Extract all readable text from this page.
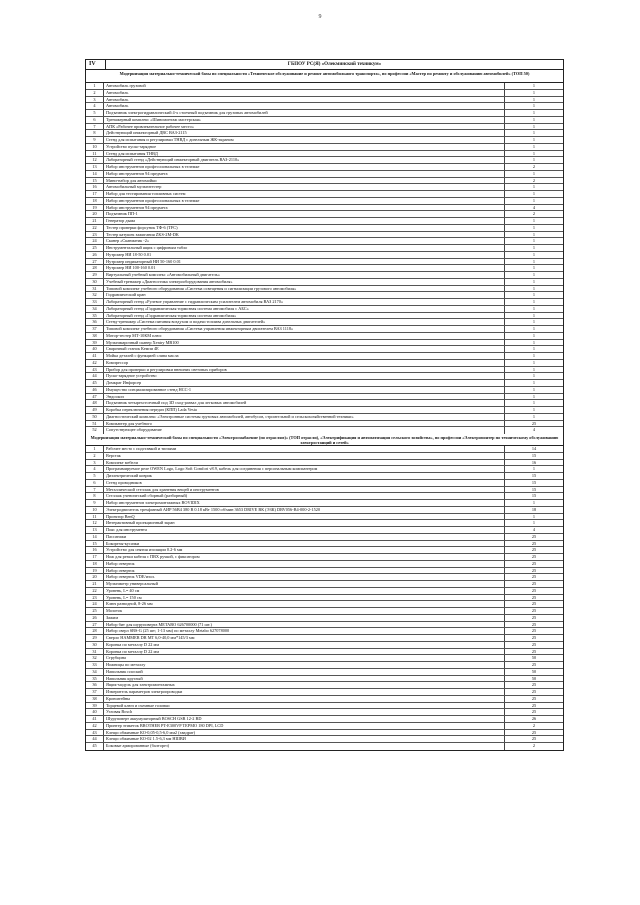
9
IV	ГБПОУ РС(Я) «Олекминский техникум»
Модернизация материально-технической базы по специальности «Техническое обслуживание и ремонт автомобильного транспорта», по профессии «Мастер по ремонту и обслуживанию автомобилей» (ТОП 50)
1	Автомобиль грузовой	1
2	Автомобиль	1
3	Автомобиль	1
4	Автомобиль	1
5	Подъемник электрогидравлический 4-х стоечный подъемник для грузовых автомобилей	1
6	Тренажерный комплекс «Шиномонтаж мастерская»	1
7	АПК «Рабочее привлекательное рабочее место»	1
8	Действующий инжекторный ДВС ВАЗ-2115	1
9	Стенд для испытания и регулировки ТНВД с дизельным ЖК-экраном	1
10	Устройство пуско-зарядное	1
11	Стенд для испытания ТНВД	1
12	Лабораторный стенд «Действующий инжекторный двигатель ВАЗ-2110»	1
13	Набор инструментов профессиональных в тележке	2
14	Набор инструментов 94 предмета	1
15	Мини-набор для автомойки	2
16	Автомобильный мультитестер	1
17	Набор для тестирования топливных систем	1
18	Набор инструментов профессиональных в тележке	1
19	Набор инструментов 94 предмета	4
20	Подъемник ПП-1	2
21	Генератор дыма	1
22	Тестер проверки форсунок ТФ-6 (TFC)	1
23	Тестер катушек зажигания ZKS-2M-DK	1
24	Сканер «Сканматик -2»	1
25	Инструментальный ящик с цифровым табло	1
26	Нутромер НИ 18-50 0.01	1
27	Нутромер индикаторный НИ 50-160 0.01	1
28	Нутромер НИ 100-160 0.01	1
29	Виртуальный учебный комплекс «Автомобильный двигатель»	1
30	Учебный тренажер «Диагностика электрооборудования автомобиля»	1
31	Типовой комплект учебного оборудования «Система освещения и сигнализации грузового автомобиля»	1
32	Гидравлический кран	1
33	Лабораторный стенд «Рулевое управление с гидравлическим усилителем автомобиля ВАЗ 2170»	1
34	Лабораторный стенд «Гидравлическая тормозная система автомобиля с АБС»	1
35	Лабораторный стенд «Гидравлическая тормозная система автомобиля»	1
36	Стенд-тренажер «Система питания воздухом и подачи топлива дизельных двигателей»	1
37	Типовой комплект учебного оборудования «Система управления инжекторным двигателем ВАЗ 1118»	1
38	Мотор-тестер МТ-10КМ плюс	1
39	Мультимарочный сканер Xentry MB100	1
40	Сварочный станок Кемпи 4Е	1
41	Мойка деталей с функцией слива масла	1
42	Компрессор	1
43	Прибор для проверки и регулировки внешних световых приборов	1
44	Пуско-зарядное устройство	1
45	Домкрат Инфорсер	1
46	Имущество специализированное стенд НСС-1	1
47	Эндоскоп	1
48	Подъемник четырехстоечный под 3D сход-развал для легковых автомобилей	1
49	Коробка переключения передач (КПП) Lada Vesta	1
50	Диагностический комплекс «Электронные системы грузовых автомобилей, автобусов, строительной и сельскохозяйственной техники»	1
51	Компьютер для учебного	25
52	Сопутствующее оборудование	4
Модернизация материально-технической базы по специальности «Электроснабжение (по отраслям)» (ТОП отрасли), «Электрификация и автоматизация сельского хозяйства», по профессии «Электромонтер по техническому обслуживанию электростанций и сетей»
1	Рабочее место с подставкой и тиглями	14
2	Верстак	15
3	Комплект мебели	16
4	Программируемое реле OWEN Logo, Logo Soft Comfort v8.9, кабель для соединения с персональным компьютером	1
5	Диэлектрический коврик	15
6	Стенд проводников	15
7	Металлический стеллаж для хранения вещей и инструментов	15
8	Стеллаж ученический сборный (разборный)	15
9	Набор инструментов электромонтажных BOVIDIX	1
10	Электродвигатель трехфазный АИР 56В4 380 В 0.18 кВт 1500 об/мин 3653 DRIVE ВК (ЭЗК) DRV056-B4-000-2-1520	18
11	Проектор BenQ	1
12	Интерактивный проекционный экран	1
13	Пояс для инструмента	4
14	Пассатижи	25
15	Бокорезы-кусачки	25
16	Устройство для снятия изоляции 0.2-6 мм	25
17	Нож для резки кабеля с ПВХ ручкой, с фиксатором	25
18	Набор отверток	25
19	Набор отверток	25
20	Набор отверток VDE/изол.	25
21	Мультиметр универсальный	25
22	Уровень, L= 40 см	25
23	Уровень, L= 150 см	25
24	Ключ разводной, 8-26 мм	25
25	Молоток	25
26	Зажим	25
27	Набор бит для шуруповерта METABO 626700000 (71 шт.)	25
28	Набор сверл SBS-G (25 шт; 1-13 мм) по металлу Metabo 627078000	25
29	Сверло HAMMER DR MT 6,0-40,0 мм*145/3 мм	25
30	Коронка по металлу D 22 мм	25
31	Коронка по металлу D 22 мм	25
32	Струбцина	50
33	Ножницы по металлу	25
34	Напильник плоский	50
35	Напильник круглый	50
36	Ящик-модуль для электромонтажных	25
37	Измеритель параметров электропроводки	25
38	Кронштейны	25
39	Торцевой ключ и съемные головки	25
40	Угловая Bosch	25
41	Шуруповерт аккумуляторный BOSCH GSR 12-2 BD	26
42	Принтер этикеток BROTHER PT-E300VP ТЕРМО 180 DPI, LCD	2
43	Клещи обжимные КО-0,05-0,5-6,0 мм2 (хвадрат)	25
44	Клещи обжимные КО-02 1.5-6,3 мм НШВИ	25
45	Боковые армированные (балторез)	2
